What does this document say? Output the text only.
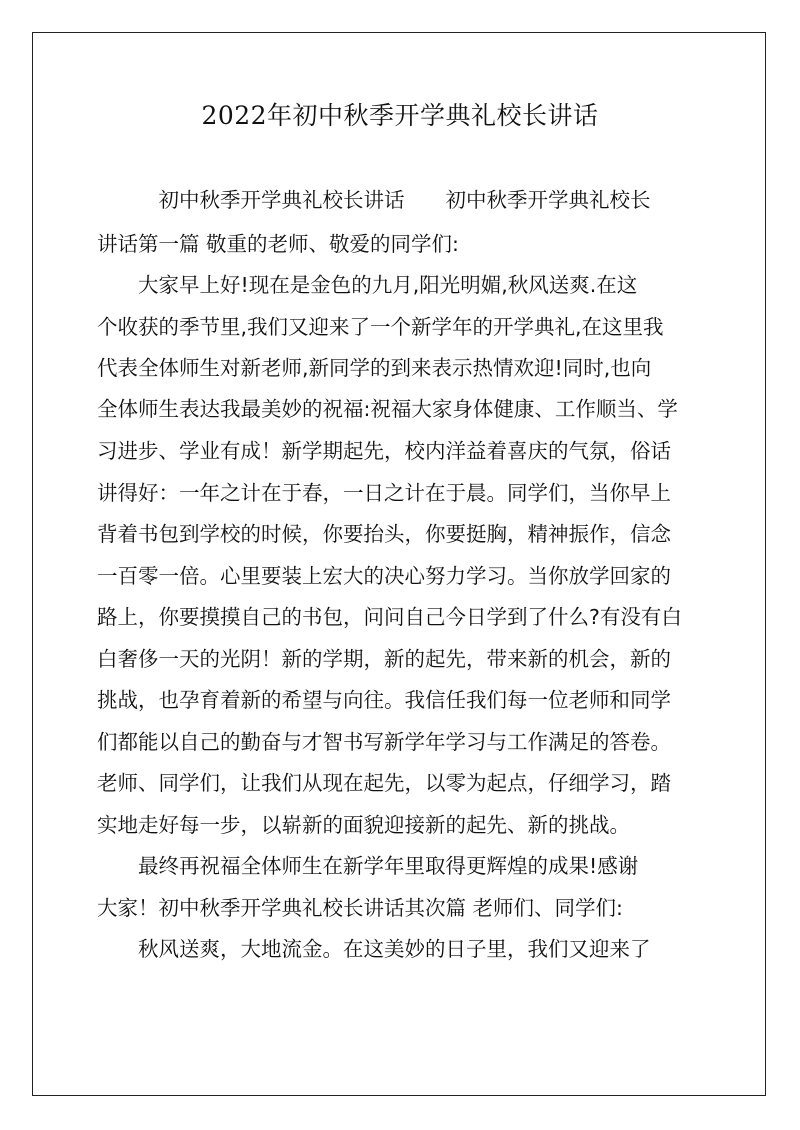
2022年初中秋季开学典礼校长讲话
　　　初中秋季开学典礼校长讲话　　初中秋季开学典礼校长
讲话第一篇 敬重的老师、敬爱的同学们:
　　大家早上好!现在是金色的九月,阳光明媚,秋风送爽.在这
个收获的季节里,我们又迎来了一个新学年的开学典礼,在这里我
代表全体师生对新老师,新同学的到来表示热情欢迎!同时,也向
全体师生表达我最美妙的祝福:祝福大家身体健康、工作顺当、学
习进步、学业有成！新学期起先，校内洋益着喜庆的气氛，俗话
讲得好：一年之计在于春，一日之计在于晨。同学们，当你早上
背着书包到学校的时候，你要抬头，你要挺胸，精神振作，信念
一百零一倍。心里要装上宏大的决心努力学习。当你放学回家的
路上，你要摸摸自己的书包，问问自己今日学到了什么?有没有白
白奢侈一天的光阴！新的学期，新的起先，带来新的机会，新的
挑战，也孕育着新的希望与向往。我信任我们每一位老师和同学
们都能以自己的勤奋与才智书写新学年学习与工作满足的答卷。
老师、同学们，让我们从现在起先，以零为起点，仔细学习，踏
实地走好每一步，以崭新的面貌迎接新的起先、新的挑战。
　　最终再祝福全体师生在新学年里取得更辉煌的成果!感谢
大家！初中秋季开学典礼校长讲话其次篇 老师们、同学们:
　　秋风送爽，大地流金。在这美妙的日子里，我们又迎来了
